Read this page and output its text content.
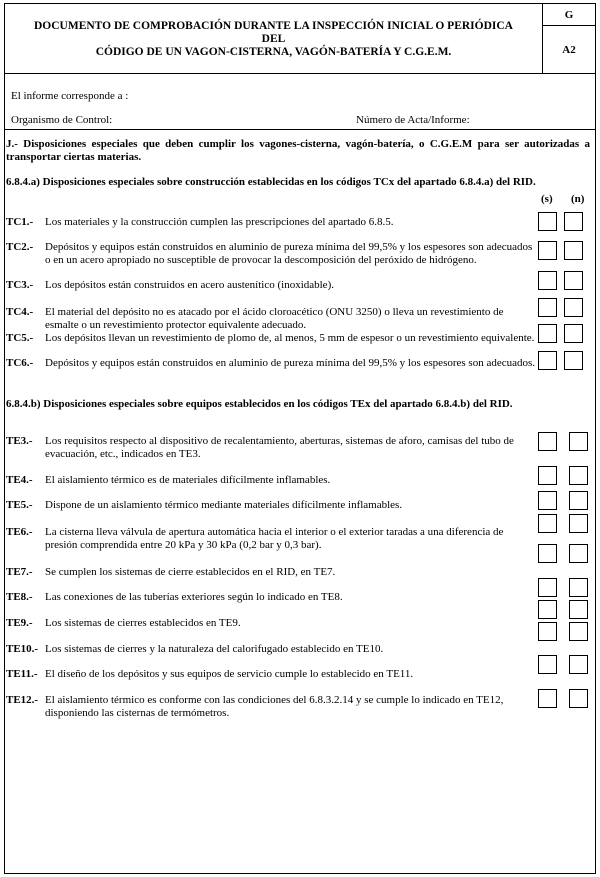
DOCUMENTO DE COMPROBACIÓN DURANTE LA INSPECCIÓN INICIAL O PERIÓDICA DEL
CÓDIGO DE UN VAGON-CISTERNA, VAGÓN-BATERÍA Y C.G.E.M.
G
A2
El informe corresponde a :
Organismo de Control:	Número de Acta/Informe:
J.- Disposiciones especiales que deben cumplir los vagones-cisterna, vagón-batería, o C.G.E.M para ser autorizadas a transportar ciertas materias.
6.8.4.a) Disposiciones especiales sobre construcción establecidas en los códigos TCx del apartado 6.8.4.a) del RID.
(s) (n)
TC1.- Los materiales y la construcción cumplen las prescripciones del apartado 6.8.5.
TC2.- Depósitos y equipos están construidos en aluminio de pureza mínima del 99,5% y los espesores son adecuados o en un acero apropiado no susceptible de provocar la descomposición del peróxido de hidrógeno.
TC3.- Los depósitos están construidos en acero austenítico (inoxidable).
TC4.- El material del depósito no es atacado por el ácido cloroacético (ONU 3250) o lleva un revestimiento de esmalte o un revestimiento protector equivalente adecuado.
TC5.- Los depósitos llevan un revestimiento de plomo de, al menos, 5 mm de espesor o un revestimiento equivalente.
TC6.- Depósitos y equipos están construidos en aluminio de pureza mínima del 99,5% y los espesores son adecuados.
6.8.4.b) Disposiciones especiales sobre equipos establecidos en los códigos TEx del apartado 6.8.4.b) del RID.
TE3.- Los requisitos respecto al dispositivo de recalentamiento, aberturas, sistemas de aforo, camisas del tubo de evacuación, etc., indicados en TE3.
TE4.- El aislamiento térmico es de materiales difícilmente inflamables.
TE5.- Dispone de un aislamiento térmico mediante materiales difícilmente inflamables.
TE6.- La cisterna lleva válvula de apertura automática hacia el interior o el exterior taradas a una diferencia de presión comprendida entre 20 kPa y 30 kPa (0,2 bar y 0,3 bar).
TE7.- Se cumplen los sistemas de cierre establecidos en el RID, en TE7.
TE8.- Las conexiones de las tuberías exteriores según lo indicado en TE8.
TE9.- Los sistemas de cierres establecidos en TE9.
TE10.- Los sistemas de cierres y la naturaleza del calorifugado establecido en TE10.
TE11.- El diseño de los depósitos y sus equipos de servicio cumple lo establecido en TE11.
TE12.- El aislamiento térmico es conforme con las condiciones del 6.8.3.2.14 y se cumple lo indicado en TE12, disponiendo las cisternas de termómetros.
